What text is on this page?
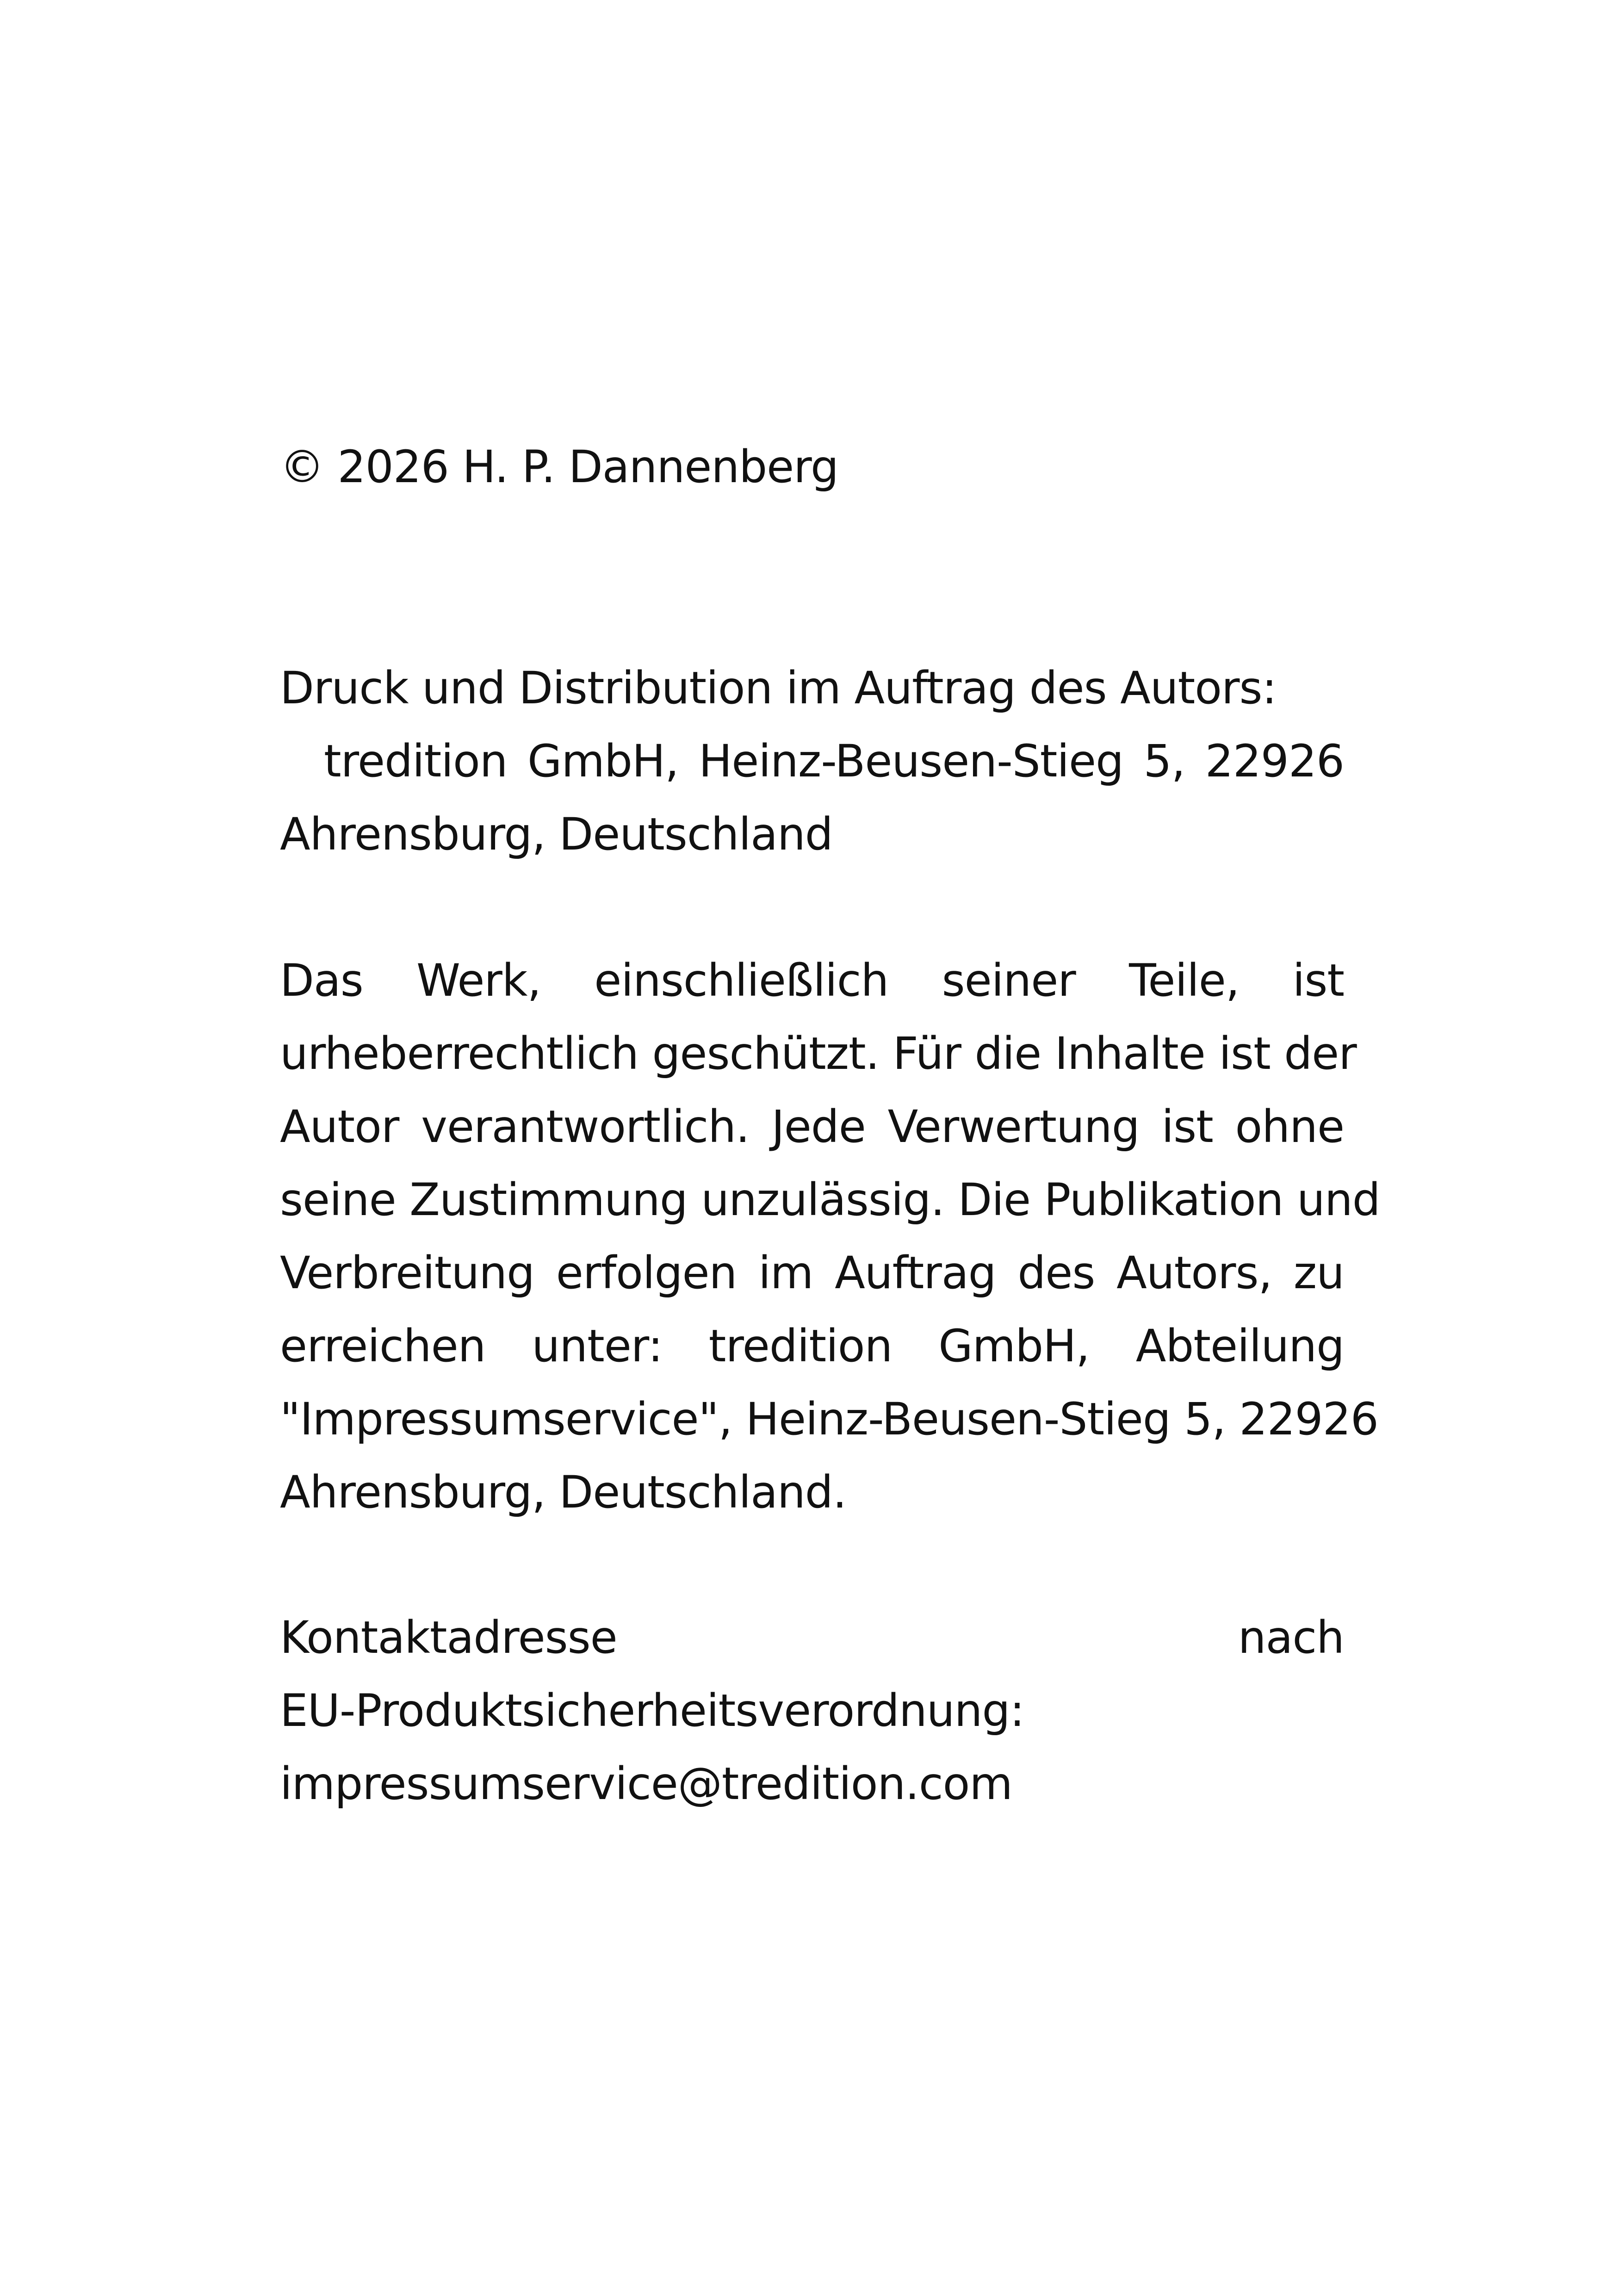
© 2026 H. P. Dannenberg
Druck und Distribution im Auftrag des Autors:
tredition GmbH, Heinz-Beusen-Stieg 5, 22926
Ahrensburg, Deutschland
Das Werk, einschließlich seiner Teile, ist
urheberrechtlich geschützt. Für die Inhalte ist der
Autor verantwortlich. Jede Verwertung ist ohne
seine Zustimmung unzulässig. Die Publikation und
Verbreitung erfolgen im Auftrag des Autors, zu
erreichen unter: tredition GmbH, Abteilung
"Impressumservice", Heinz-Beusen-Stieg 5, 22926
Ahrensburg, Deutschland.
Kontaktadresse nach
EU-Produktsicherheitsverordnung:
impressumservice@tredition.com
